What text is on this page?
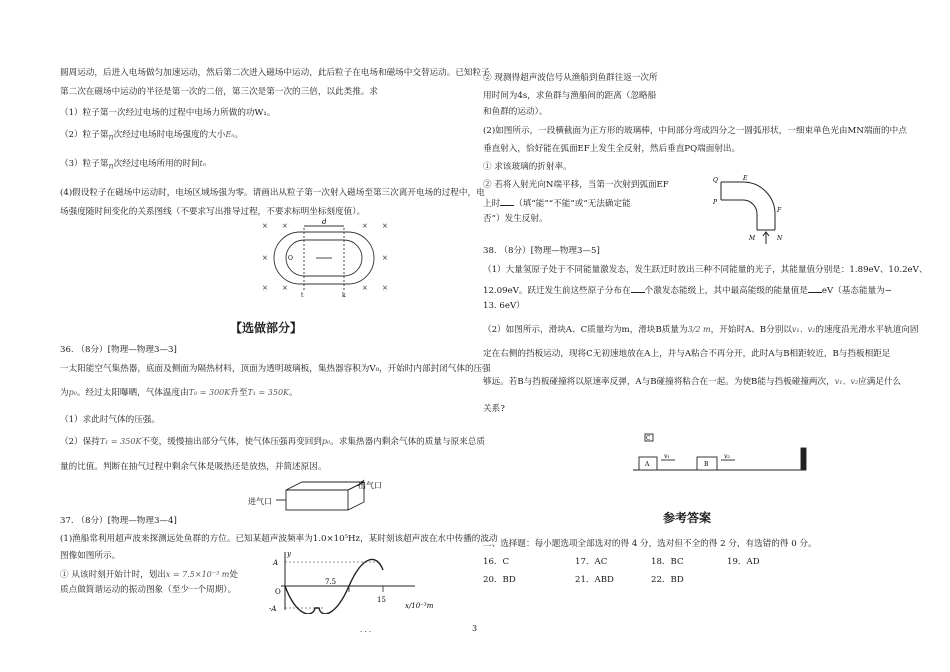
圆周运动，后进入电场做匀加速运动，然后第二次进入磁场中运动，此后粒子在电场和磁场中交替运动。已知粒子
第二次在磁场中运动的半径是第一次的二倍，第三次是第一次的三倍，以此类推。求
（1）粒子第一次经过电场的过程中电场力所做的功W₁。
（2）粒子第$_n$次经过电场时电场强度的大小Eₙ。
（3）粒子第$_n$次经过电场所用的时间tₙ
(4)假设粒子在磁场中运动时，电场区域场强为零。请画出从粒子第一次射入磁场至第三次离开电场的过程中，电
场强度随时间变化的关系图线（不要求写出推导过程，不要求标明坐标刻度值）。
d
O
t	k
×
×
×
×
×
×
×
×
×
×
【选做部分】
36. （8分）[物理—物理3—3]
一太阳能空气集热器，底面及侧面为隔热材料，顶面为透明玻璃板，集热器容积为V₀，开始时内部封闭气体的压强
为p₀。经过太阳曝晒，气体温度由T₀ = 300K升至T₁ = 350K。
（1）求此时气体的压强。
（2）保持T₁ = 350K不变，缓慢抽出部分气体，使气体压强再变回到p₀。求集热器内剩余气体的质量与原来总质
量的比值。判断在抽气过程中剩余气体是吸热还是放热，并简述原因。
进气口
出气口
37. （8分）[物理—物理3—4]
(1)渔船常利用超声波来探测远处鱼群的方位。已知某超声波频率为1.0×10⁵Hz，某时刻该超声波在水中传播的波动
图像如图所示。
① 从该时刻开始计时，划出x = 7.5×10⁻³ m处
质点做简谐运动的振动图象（至少一个周期）。
y
A
-A
O
7.5
15
x/10⁻³m
· · ·	3
② 现测得超声波信号从渔船到鱼群往返一次所
用时间为4s，求鱼群与渔船间的距离（忽略船
和鱼群的运动）。
(2)如图所示，一段横截面为正方形的玻璃棒，中间部分弯成四分之一圆弧形状，一细束单色光由MN端面的中点
垂直射入，恰好能在弧面EF上发生全反射，然后垂直PQ端面射出。
① 求该玻璃的折射率。
② 若将入射光向N端平移，当第一次射到弧面EF
上时 （填“能”“不能”或“无法确定能
否”）发生反射。
Q	E
P
F
M	N
38. （8分）[物理—物理3—5]
（1）大量氢原子处于不同能量激发态，发生跃迁时放出三种不同能量的光子，其能量值分别是：1.89eV、10.2eV、
12.09eV。跃迁发生前这些原子分布在 个激发态能级上，其中最高能级的能量值是 eV（基态能量为−
13. 6eV）
（2）如图所示，滑块A、C质量均为m，滑块B质量为3/2 m，开始时A、B分别以v₁、v₂的速度沿光滑水平轨道向固
定在右侧的挡板运动，现将C无初速地放在A上，并与A粘合不再分开，此时A与B相距较近，B与挡板相距足
够远。若B与挡板碰撞将以原速率反弹，A与B碰撞将粘合在一起。为使B能与挡板碰撞两次，v₁、v₂应满足什么
关系?
C
A	B
v₁	v₂
参考答案
二、选择题：每小题选项全部选对的得 4 分，选对但不全的得 2 分，有选错的得 0 分。
16．C	17．AC	18．BC	19．AD
20．BD	21．ABD	22．BD
